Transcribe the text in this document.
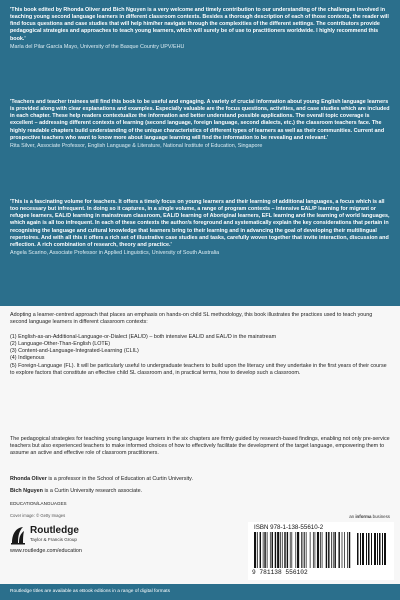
'This book edited by Rhonda Oliver and Bich Nguyen is a very welcome and timely contribution to our understanding of the challenges involved in teaching young second language learners in different classroom contexts. Besides a thorough description of each of those contexts, the reader will find focus questions and case studies that will help him/her navigate through the complexities of the different settings. The contributors provide pedagogical strategies and approaches to teach young learners, which will surely be of use to practitioners worldwide. I highly recommend this book.'

María del Pilar García Mayo, University of the Basque Country UPV/EHU

'Teachers and teacher trainees will find this book to be useful and engaging. A variety of crucial information about young English language learners is provided along with clear explanations and examples. Especially valuable are the focus questions, activities, and case studies which are included in each chapter. These help readers contextualize the information and better understand possible applications. The overall topic coverage is excellent – addressing different contexts of learning (second language, foreign language, second dialects, etc.) the classroom teachers face. The highly readable chapters build understanding of the unique characteristics of different types of learners as well as their communities. Current and prospective teachers who want to know more about language learning will find the information to be revealing and relevant.'

Rita Silver, Associate Professor, English Language & Literature, National Institute of Education, Singapore

'This is a fascinating volume for teachers. It offers a timely focus on young learners and their learning of additional languages, a focus which is all too necessary but infrequent. In doing so it captures, in a single volume, a range of program contexts – intensive EAL/P learning for migrant or refugee learners, EAL/D learning in mainstream classroom, EAL/D learning of Aboriginal learners, EFL learning and the learning of world languages, which again is all too infrequent. In each of these contexts the author/s foreground and systematically explain the key considerations that pertain in recognising the language and cultural knowledge that learners bring to their learning and in advancing the goal of developing their multilingual repertoires. And with all this it offers a rich set of illustrative case studies and tasks, carefully woven together that invite interaction, discussion and reflection. A rich combination of research, theory and practice.'

Angela Scarino, Associate Professor in Applied Linguistics, University of South Australia

Adopting a learner-centred approach that places an emphasis on hands-on child SL methodology, this book illustrates the practices used to teach young second language learners in different classroom contexts:

(1) English-as-an-Additional-Language-or-Dialect (EAL/D) – both intensive EAL/D and EAL/D in the mainstream
(2) Language-Other-Than-English (LOTE)
(3) Content-and-Language-Integrated-Learning (CLIL)
(4) Indigenous
(5) Foreign-Language (FL). It will be particularly useful to undergraduate teachers to build upon the literacy unit they undertake in the first years of their course to explore factors that constitute an effective child SL classroom and, in practical terms, how to develop such a classroom.

The pedagogical strategies for teaching young language learners in the six chapters are firmly guided by research-based findings, enabling not only pre-service teachers but also experienced teachers to make informed choices of how to effectively facilitate the development of the target language, empowering them to assume an active and effective role of classroom practitioners.

Rhonda Oliver is a professor in the School of Education at Curtin University.
Bich Nguyen is a Curtin University research associate.
EDUCATION/LANGUAGES
Cover image: © Getty Images
Routledge
Taylor & Francis Group
www.routledge.com/education
an informa business
ISBN 978-1-138-55610-2
9 781138 556102
Routledge titles are available as eBook editions in a range of digital formats
